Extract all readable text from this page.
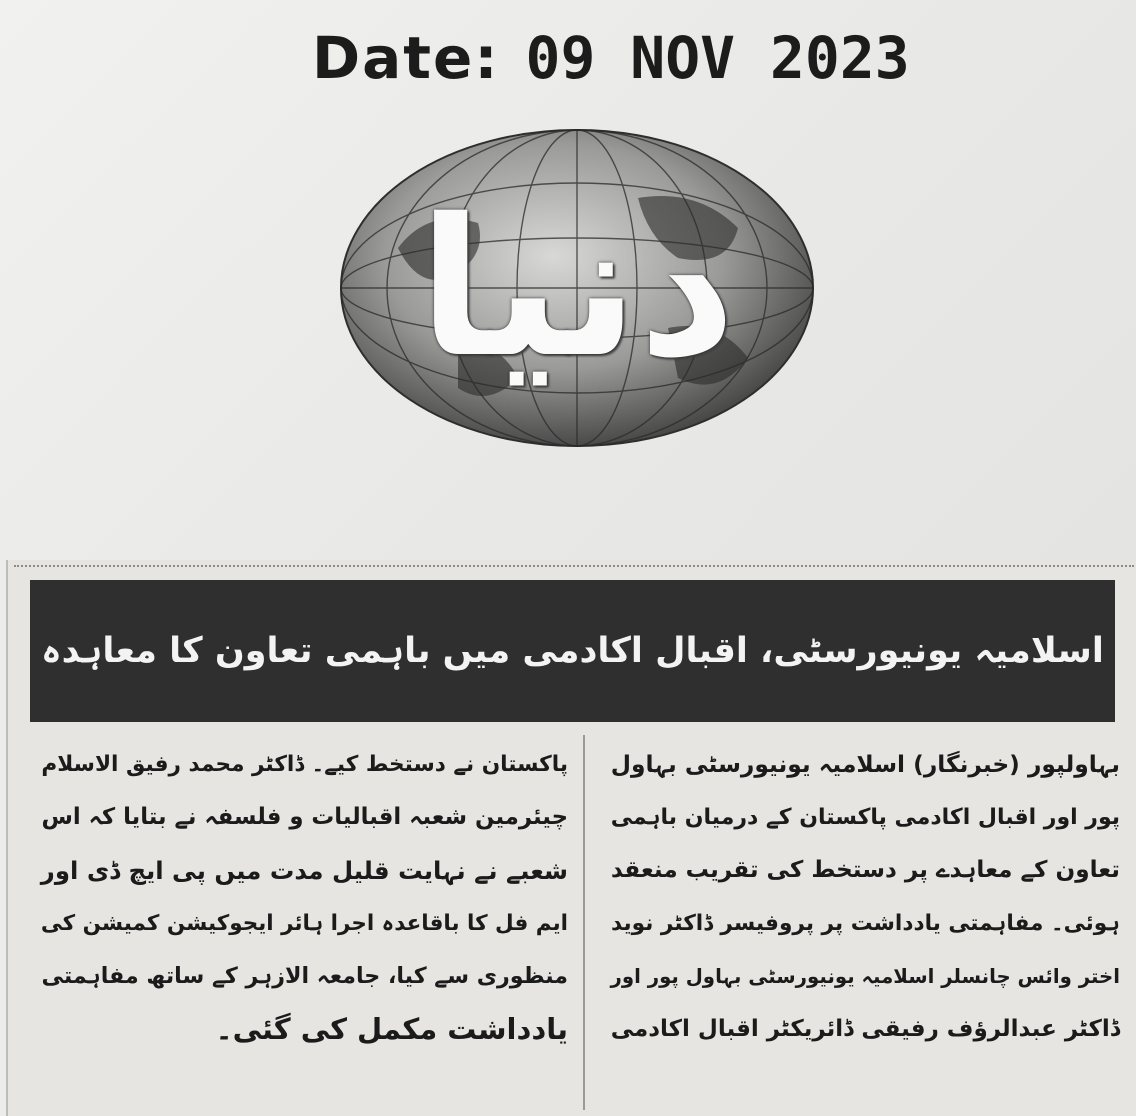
Date: 09 NOV 2023
دنیا
اسلامیہ یونیورسٹی، اقبال اکادمی میں باہمی تعاون کا معاہدہ
بہاولپور (خبرنگار) اسلامیہ یونیورسٹی بہاول
پور اور اقبال اکادمی پاکستان کے درمیان باہمی
تعاون کے معاہدے پر دستخط کی تقریب منعقد
ہوئی۔ مفاہمتی یادداشت پر پروفیسر ڈاکٹر نوید
اختر وائس چانسلر اسلامیہ یونیورسٹی بہاول پور اور
ڈاکٹر عبدالرؤف رفیقی ڈائریکٹر اقبال اکادمی
پاکستان نے دستخط کیے۔ ڈاکٹر محمد رفیق الاسلام
چیئرمین شعبہ اقبالیات و فلسفہ نے بتایا کہ اس
شعبے نے نہایت قلیل مدت میں پی ایچ ڈی اور
ایم فل کا باقاعدہ اجرا ہائر ایجوکیشن کمیشن کی
منظوری سے کیا، جامعہ الازہر کے ساتھ مفاہمتی
یادداشت مکمل کی گئی۔
